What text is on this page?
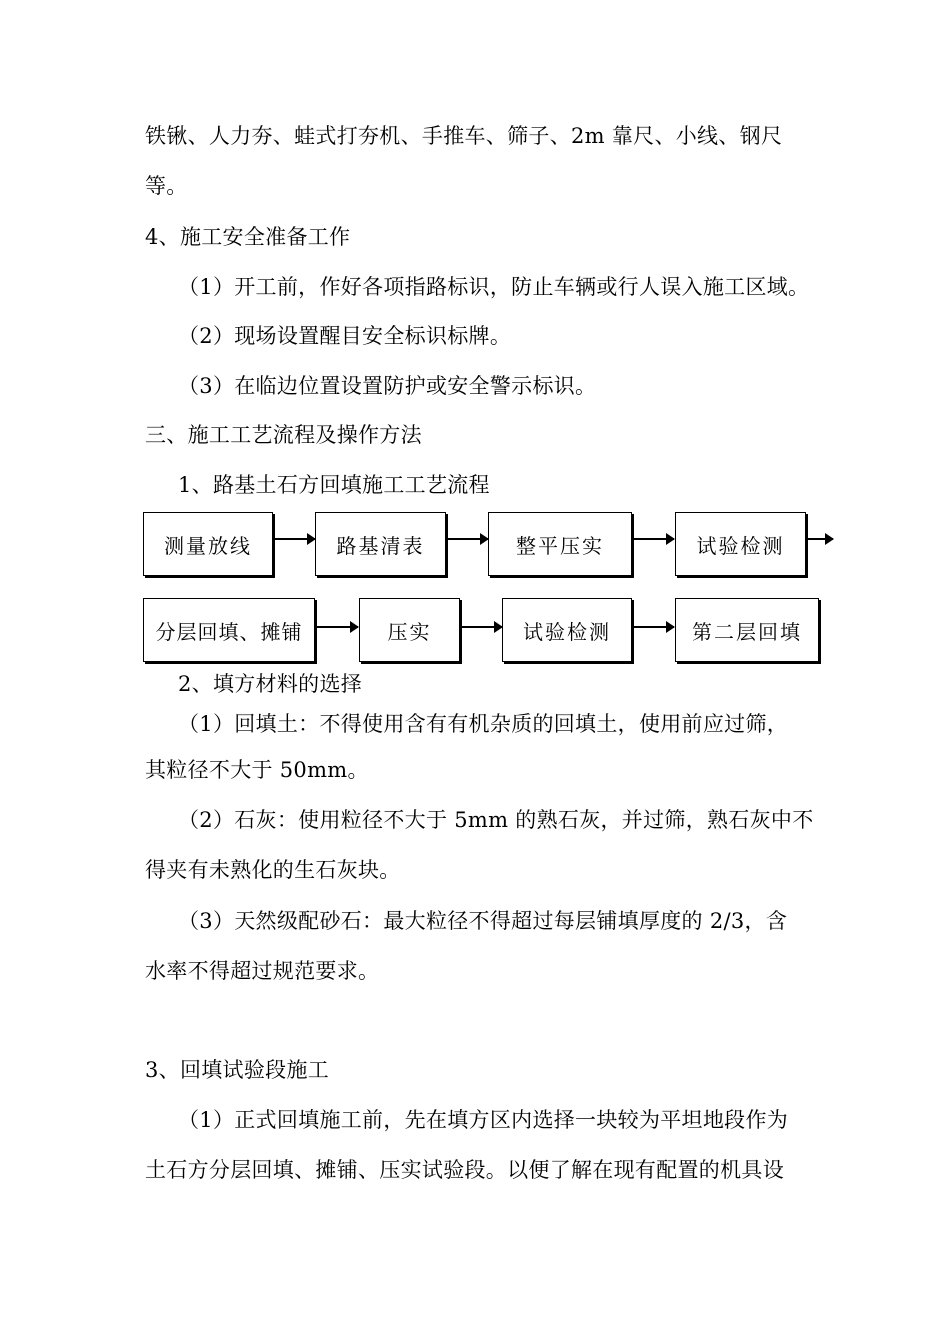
铁锹、人力夯、蛙式打夯机、手推车、筛子、2m 靠尺、小线、钢尺
等。
4、施工安全准备工作
（1）开工前，作好各项指路标识，防止车辆或行人误入施工区域。
（2）现场设置醒目安全标识标牌。
（3）在临边位置设置防护或安全警示标识。
三、施工工艺流程及操作方法
1、路基土石方回填施工工艺流程
测量放线	路基清表	整平压实	试验检测
分层回填、摊铺	压实	试验检测	第二层回填
2、填方材料的选择
（1）回填土：不得使用含有有机杂质的回填土，使用前应过筛，
其粒径不大于 50mm。
（2）石灰：使用粒径不大于 5mm 的熟石灰，并过筛，熟石灰中不
得夹有未熟化的生石灰块。
（3）天然级配砂石：最大粒径不得超过每层铺填厚度的 2/3，含
水率不得超过规范要求。
3、回填试验段施工
（1）正式回填施工前，先在填方区内选择一块较为平坦地段作为
土石方分层回填、摊铺、压实试验段。以便了解在现有配置的机具设
